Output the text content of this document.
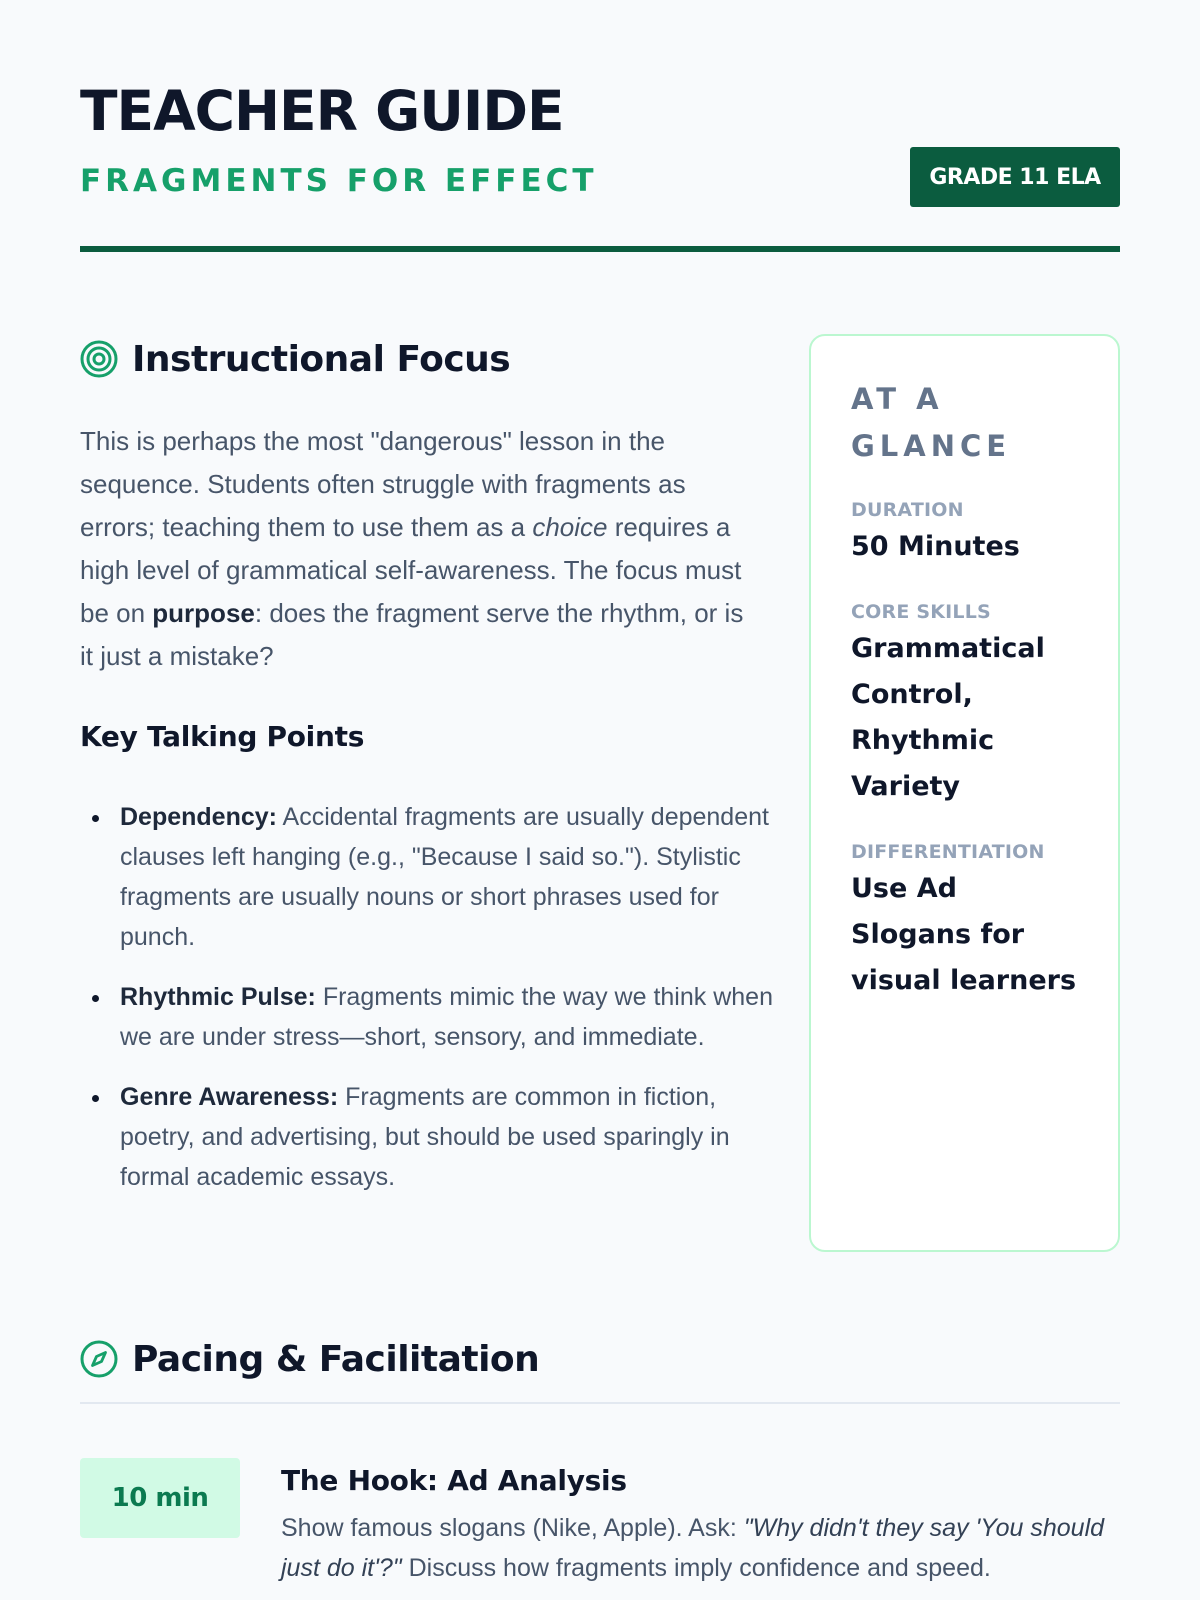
TEACHER GUIDE
FRAGMENTS FOR EFFECT	GRADE 11 ELA
Instructional Focus

This is perhaps the most "dangerous" lesson in the sequence. Students often struggle with fragments as errors; teaching them to use them as a choice requires a high level of grammatical self-awareness. The focus must be on purpose: does the fragment serve the rhythm, or is it just a mistake?

Key Talking Points
Dependency: Accidental fragments are usually dependent clauses left hanging (e.g., "Because I said so."). Stylistic fragments are usually nouns or short phrases used for punch.
Rhythmic Pulse: Fragments mimic the way we think when we are under stress—short, sensory, and immediate.
Genre Awareness: Fragments are common in fiction, poetry, and advertising, but should be used sparingly in formal academic essays.
AT A GLANCE
DURATION
50 Minutes
CORE SKILLS
Grammatical Control, Rhythmic Variety
DIFFERENTIATION
Use Ad Slogans for visual learners
Pacing & Facilitation
10 min
The Hook: Ad Analysis
Show famous slogans (Nike, Apple). Ask: "Why didn't they say 'You should just do it'?" Discuss how fragments imply confidence and speed.
